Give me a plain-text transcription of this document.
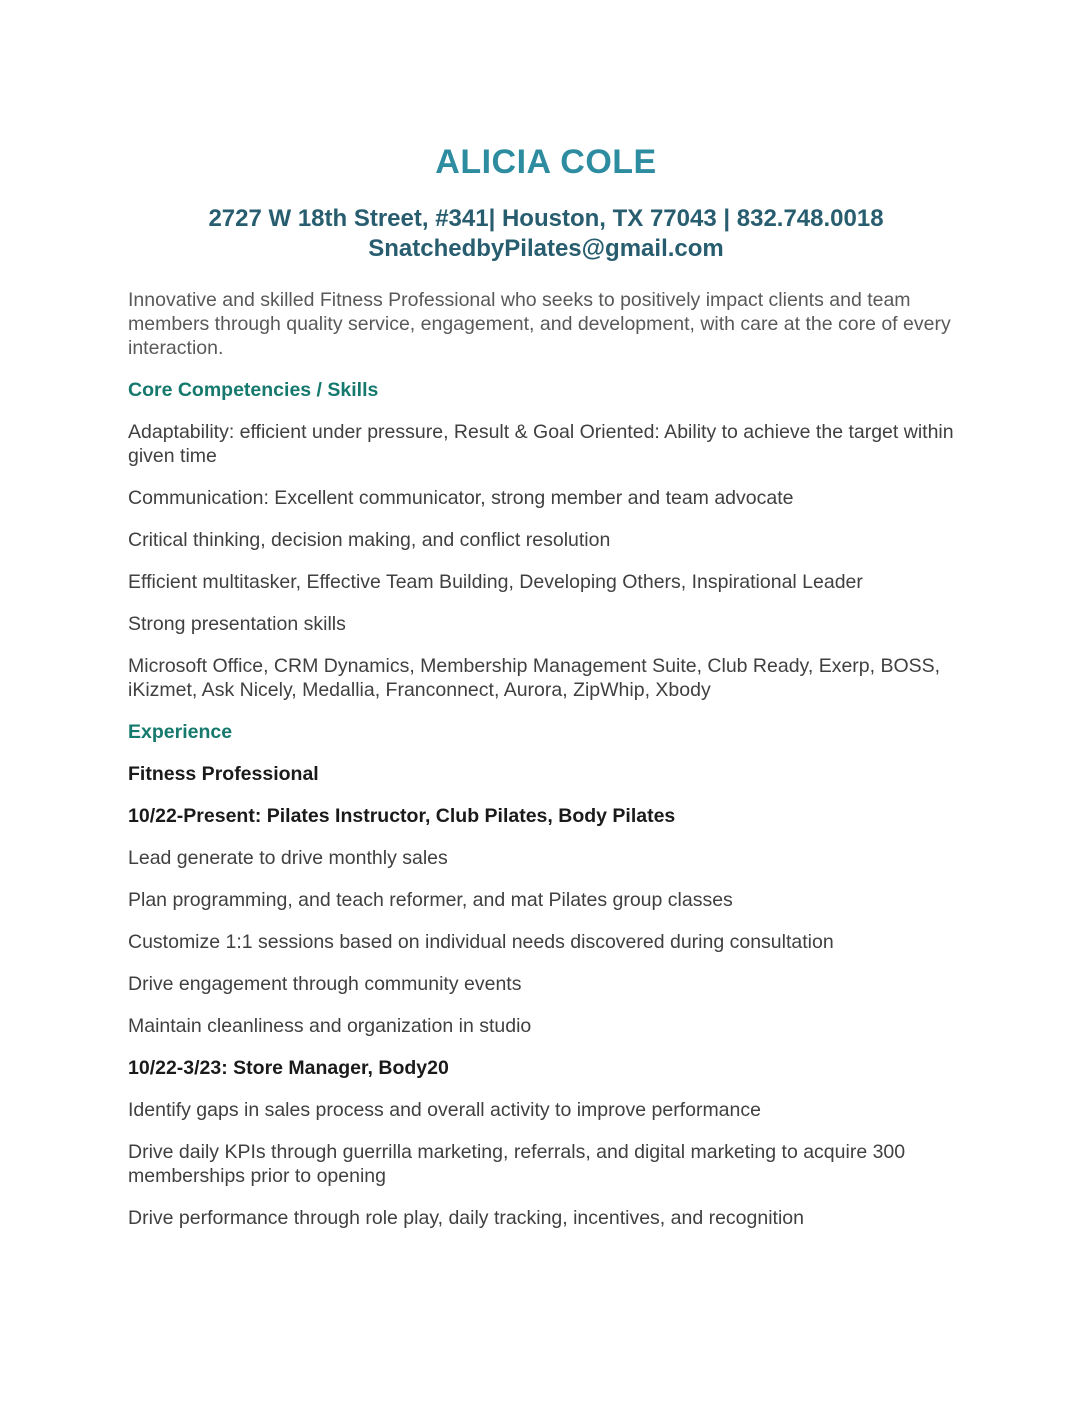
ALICIA COLE
2727 W 18th Street, #341| Houston, TX 77043 | 832.748.0018
SnatchedbyPilates@gmail.com

Innovative and skilled Fitness Professional who seeks to positively impact clients and team members through quality service, engagement, and development, with care at the core of every interaction.

Core Competencies / Skills

Adaptability: efficient under pressure, Result & Goal Oriented: Ability to achieve the target within given time

Communication: Excellent communicator, strong member and team advocate

Critical thinking, decision making, and conflict resolution

Efficient multitasker, Effective Team Building, Developing Others, Inspirational Leader

Strong presentation skills

Microsoft Office, CRM Dynamics, Membership Management Suite, Club Ready, Exerp, BOSS, iKizmet, Ask Nicely, Medallia, Franconnect, Aurora, ZipWhip, Xbody

Experience

Fitness Professional

10/22-Present: Pilates Instructor, Club Pilates, Body Pilates

Lead generate to drive monthly sales

Plan programming, and teach reformer, and mat Pilates group classes

Customize 1:1 sessions based on individual needs discovered during consultation

Drive engagement through community events

Maintain cleanliness and organization in studio

10/22-3/23: Store Manager, Body20

Identify gaps in sales process and overall activity to improve performance

Drive daily KPIs through guerrilla marketing, referrals, and digital marketing to acquire 300 memberships prior to opening

Drive performance through role play, daily tracking, incentives, and recognition
